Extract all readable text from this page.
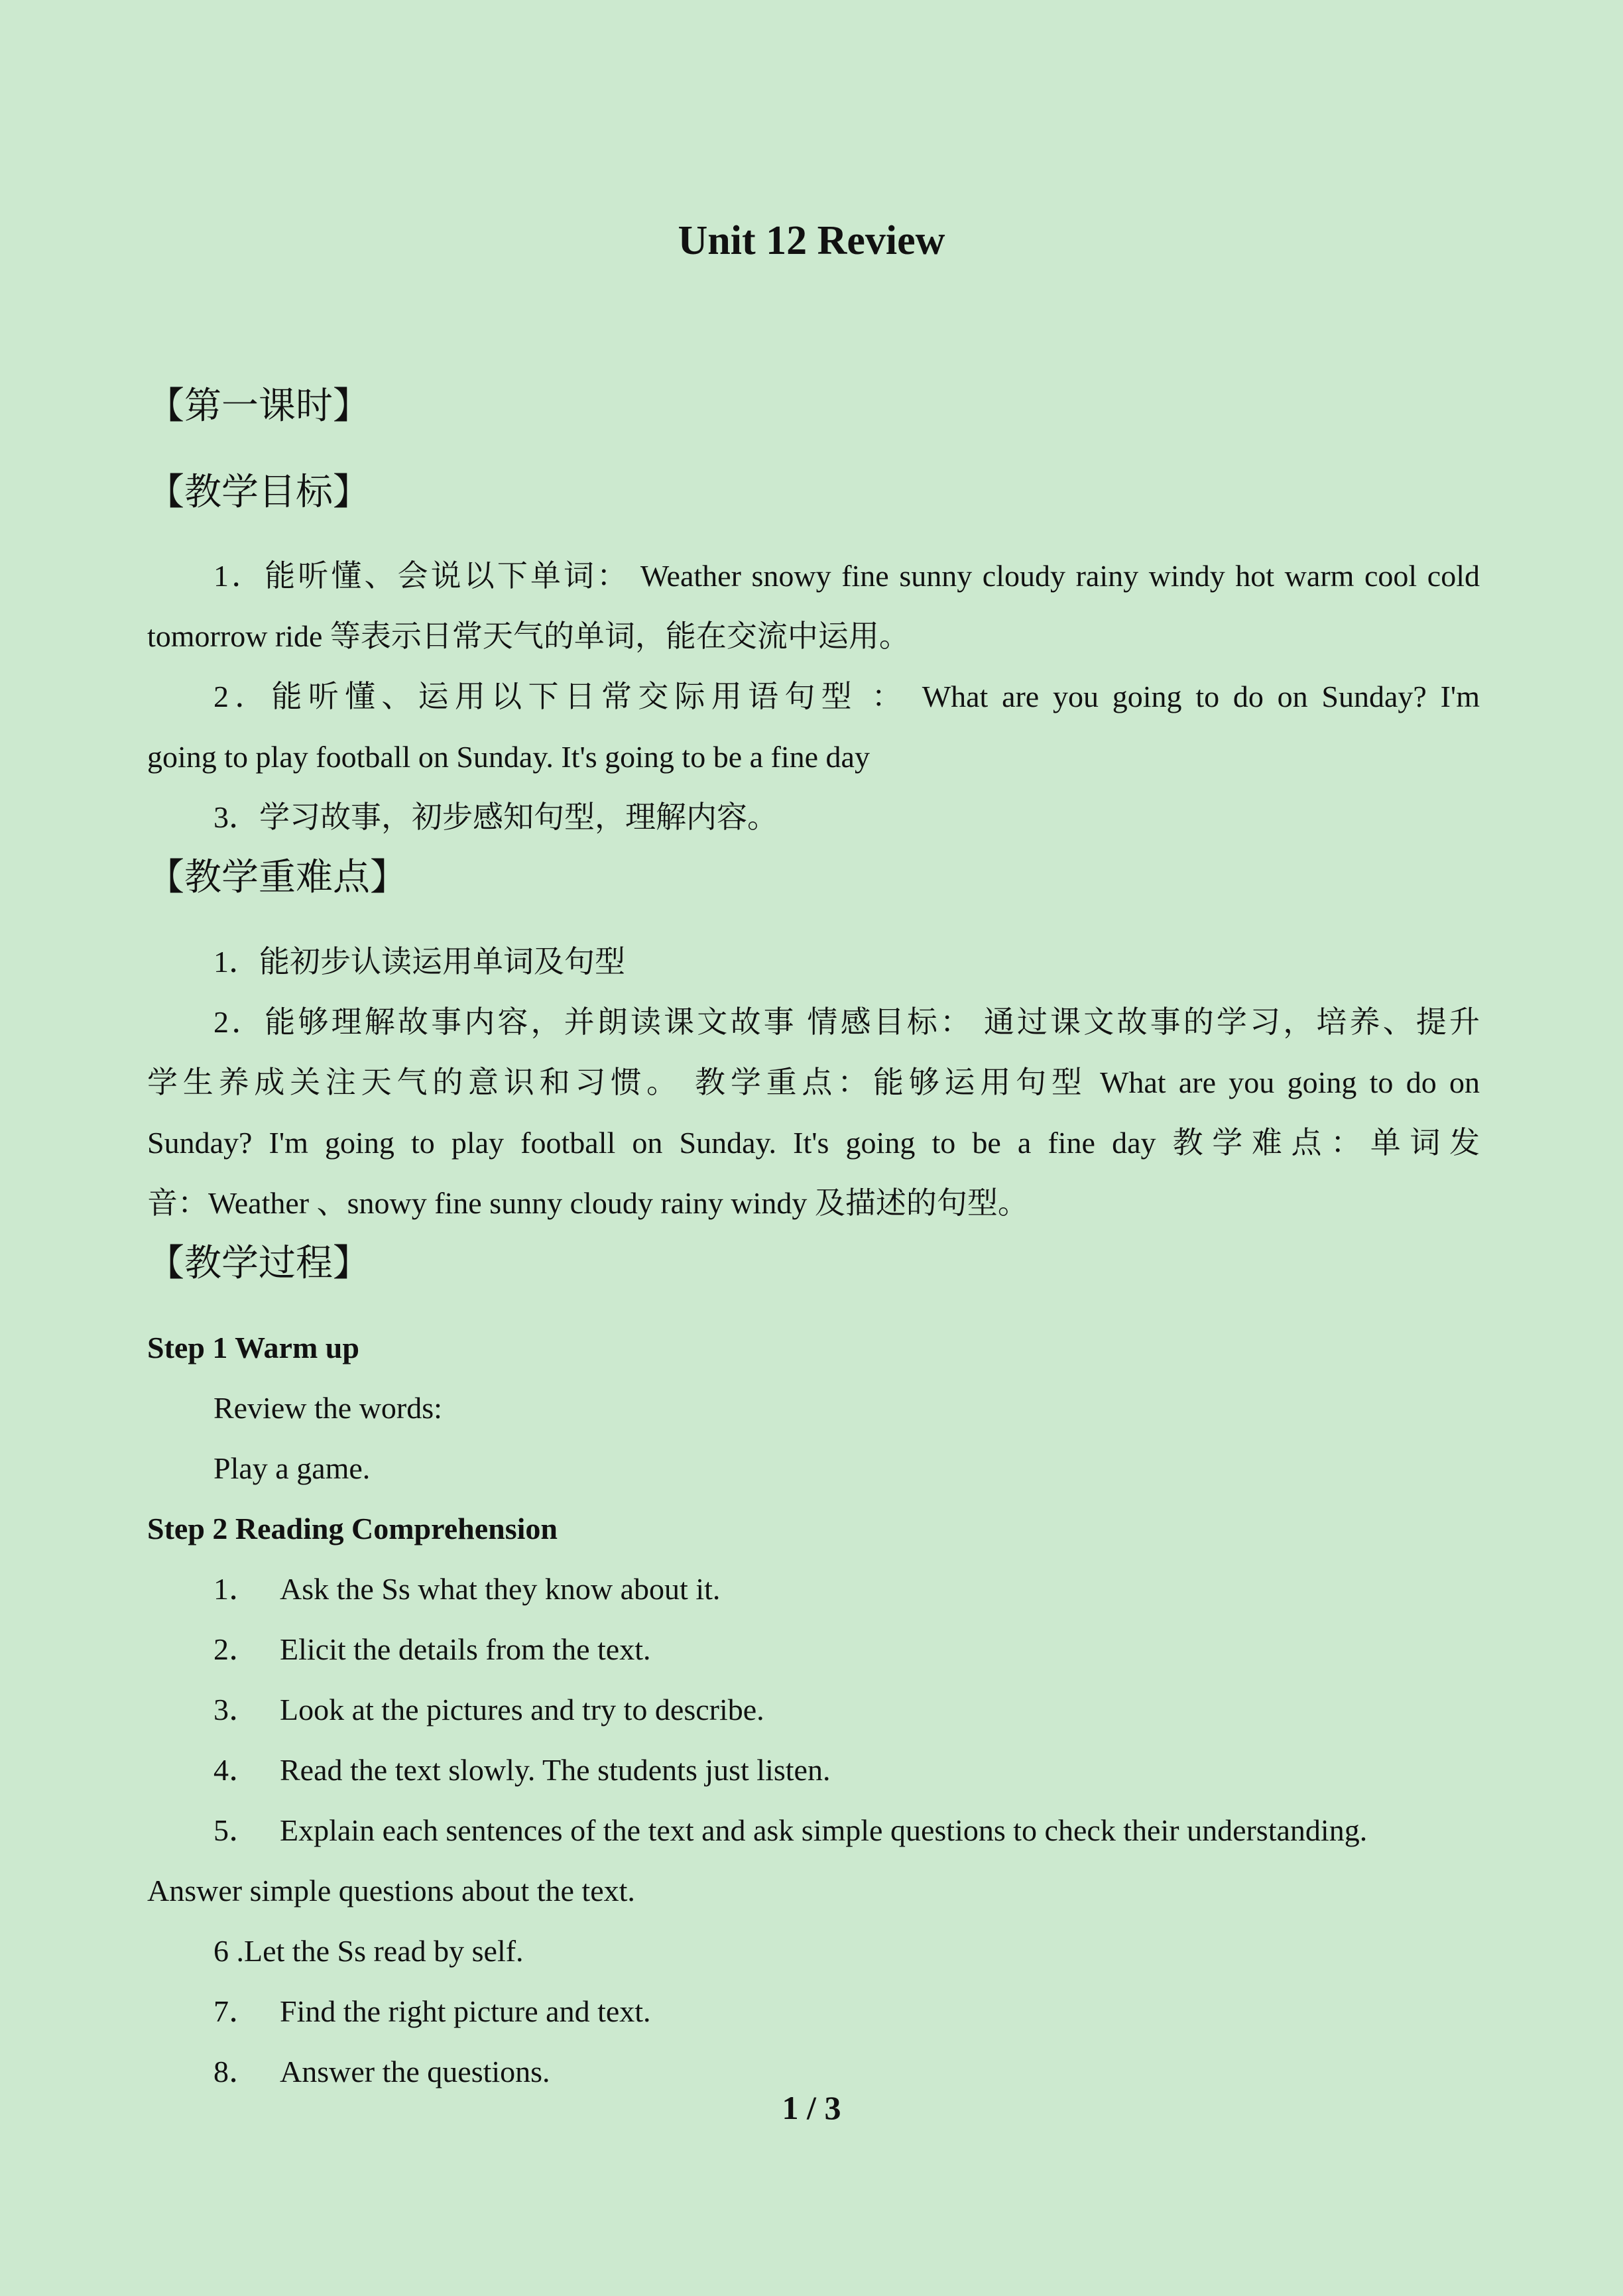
Unit 12 Review
【第一课时】
【教学目标】
1．能听懂、会说以下单词： Weather snowy fine sunny cloudy rainy windy hot warm cool cold
tomorrow ride 等表示日常天气的单词，能在交流中运用。
2．能听懂、运用以下日常交际用语句型 ： What are you going to do on Sunday? I'm
going to play football on Sunday. It's going to be a fine day
3．学习故事，初步感知句型，理解内容。
【教学重难点】
1．能初步认读运用单词及句型
2．能够理解故事内容，并朗读课文故事 情感目标： 通过课文故事的学习，培养、提升
学生养成关注天气的意识和习惯。 教学重点：能够运用句型 What are you going to do on
Sunday? I'm going to play football on Sunday. It's going to be a fine day 教学难点：单词发
音：Weather 、snowy fine sunny cloudy rainy windy 及描述的句型。
【教学过程】
Step 1 Warm up
Review the words:
Play a game.
Step 2 Reading Comprehension
1． Ask the Ss what they know about it.
2． Elicit the details from the text.
3． Look at the pictures and try to describe.
4． Read the text slowly. The students just listen.
5． Explain each sentences of the text and ask simple questions to check their understanding.
Answer simple questions about the text.
6 .Let the Ss read by self.
7． Find the right picture and text.
8． Answer the questions.
1 / 3
